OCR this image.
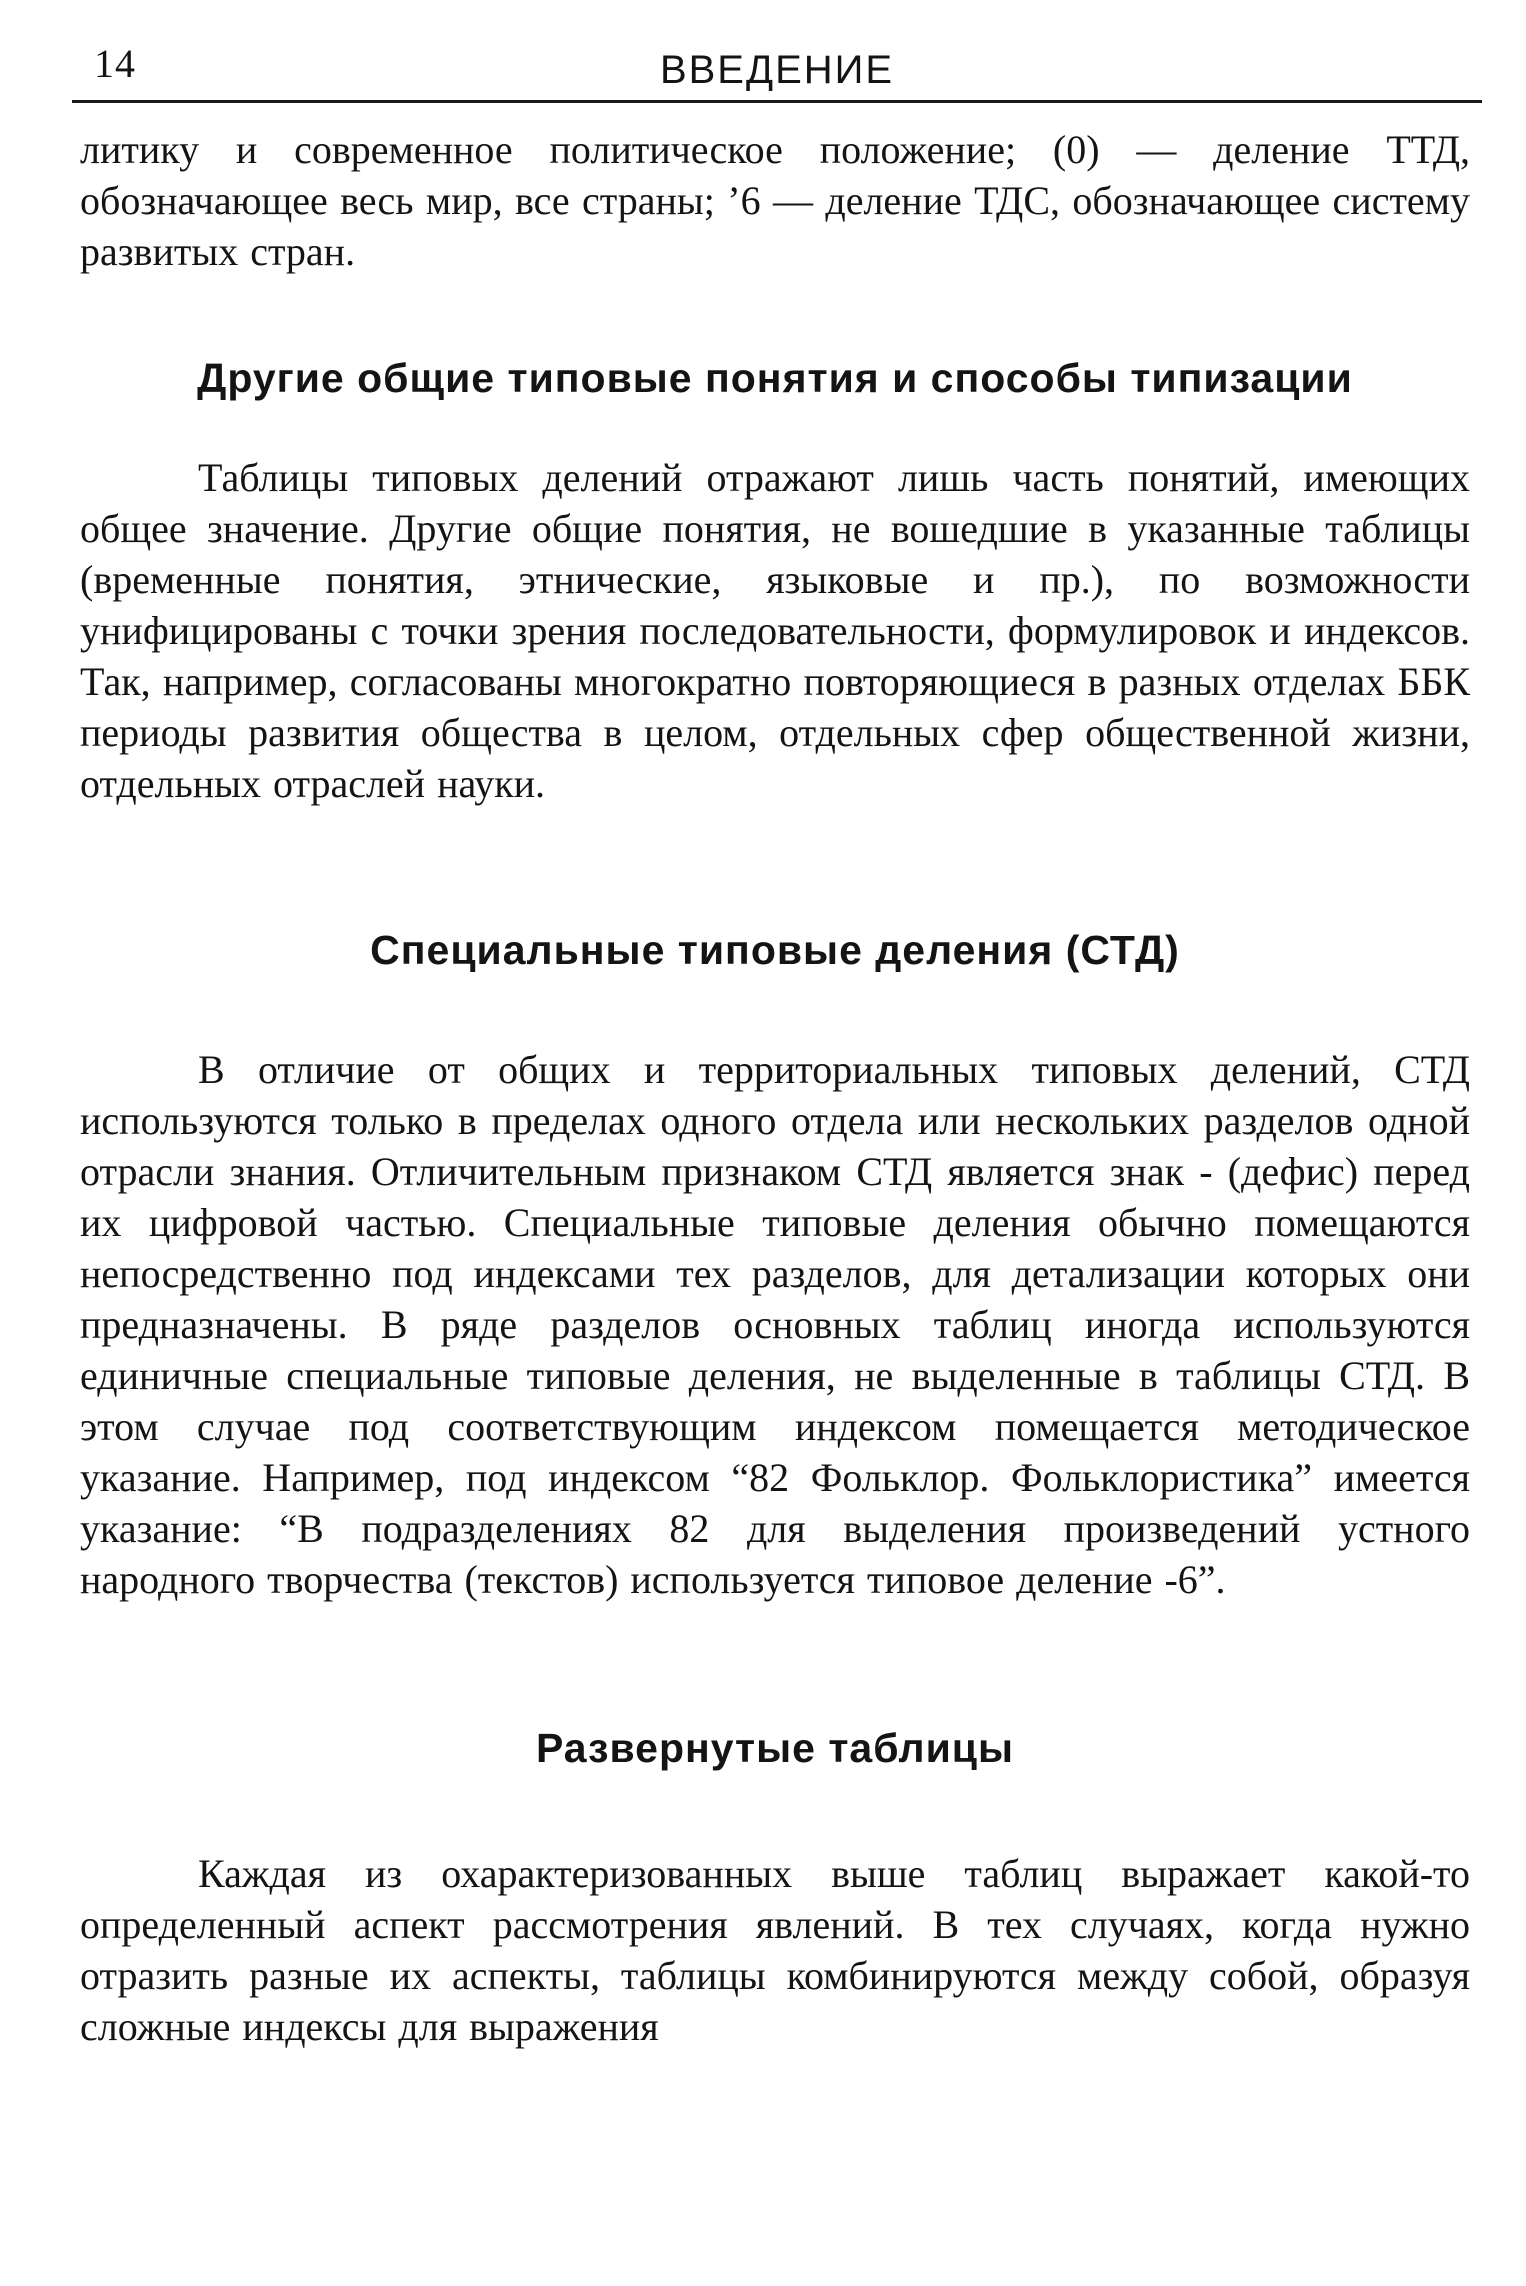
14	ВВЕДЕНИЕ

литику и современное политическое положение; (0) — деление ТТД, обозначающее весь мир, все страны; ’6 — деление ТДС, обозначающее систему развитых стран.

Другие общие типовые понятия и способы типизации

Таблицы типовых делений отражают лишь часть понятий, имеющих общее значение. Другие общие понятия, не вошедшие в указанные таблицы (временные понятия, этнические, языковые и пр.), по возможности унифицированы с точки зрения последовательности, формулировок и индексов. Так, например, согласованы многократно повторяющиеся в разных отделах ББК периоды развития общества в целом, отдельных сфер общественной жизни, отдельных отраслей науки.

Специальные типовые деления (СТД)

В отличие от общих и территориальных типовых делений, СТД используются только в пределах одного отдела или нескольких разделов одной отрасли знания. Отличительным признаком СТД является знак - (дефис) перед их цифровой частью. Специальные типовые деления обычно помещаются непосредственно под индексами тех разделов, для детализации которых они предназначены. В ряде разделов основных таблиц иногда используются единичные специальные типовые деления, не выделенные в таблицы СТД. В этом случае под соответствующим индексом помещается методическое указание. Например, под индексом “82 Фольклор. Фольклористика” имеется указание: “В подразделениях 82 для выделения произведений устного народного творчества (текстов) используется типовое деление -6”.

Развернутые таблицы

Каждая из охарактеризованных выше таблиц выражает какой-то определенный аспект рассмотрения явлений. В тех случаях, когда нужно отразить разные их аспекты, таблицы комбинируются между собой, образуя сложные индексы для выражения
